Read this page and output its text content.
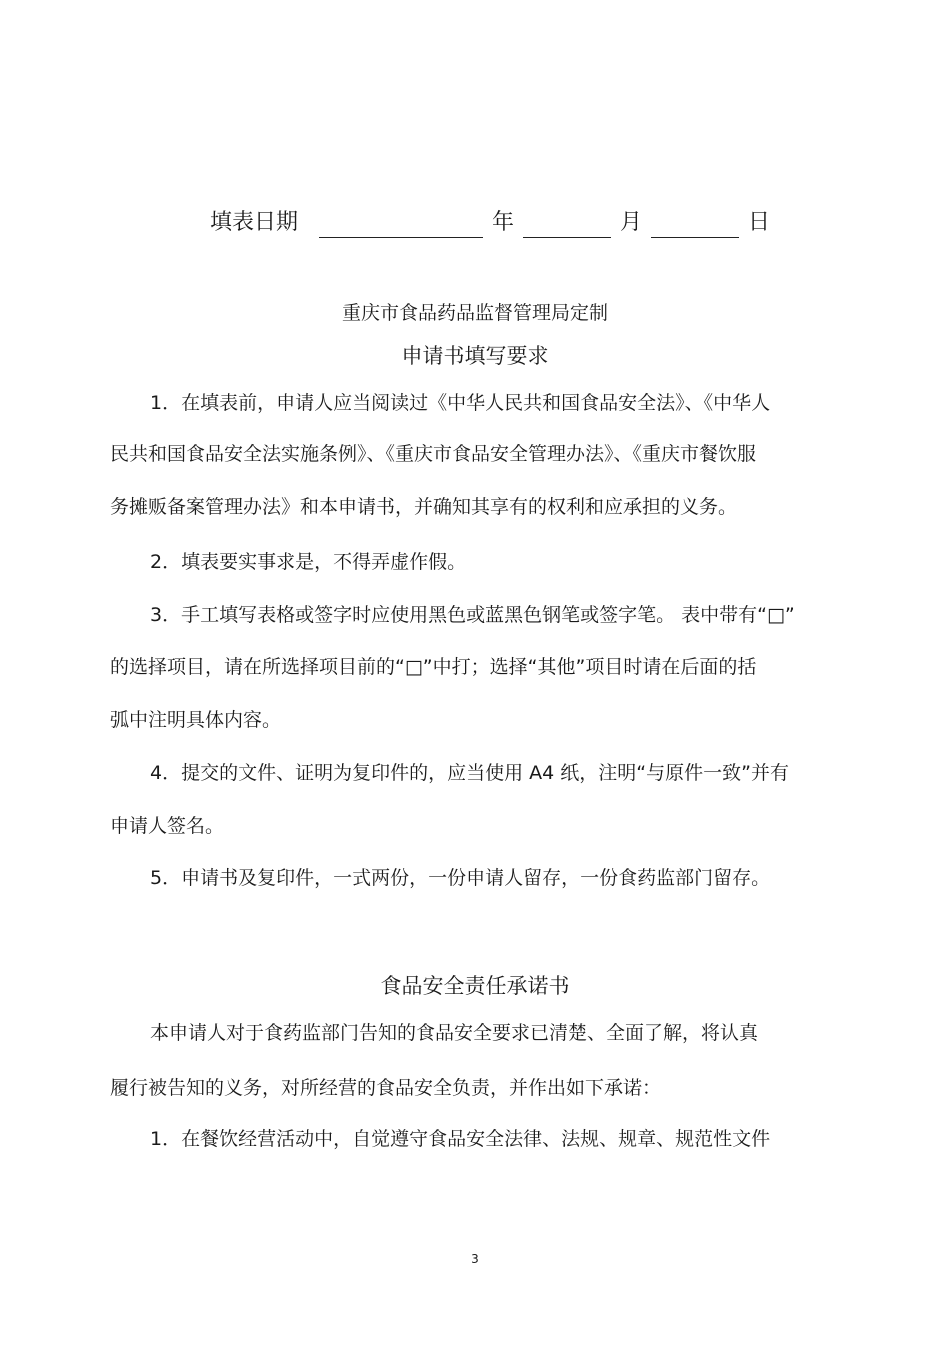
填表日期	年	月	日
重庆市食品药品监督管理局定制
申请书填写要求
1．在填表前，申请人应当阅读过《中华人民共和国食品安全法》、《中华人
民共和国食品安全法实施条例》、《重庆市食品安全管理办法》、《重庆市餐饮服
务摊贩备案管理办法》和本申请书，并确知其享有的权利和应承担的义务。
2．填表要实事求是，不得弄虚作假。
3．手工填写表格或签字时应使用黑色或蓝黑色钢笔或签字笔。 表中带有“□”
的选择项目，请在所选择项目前的“□”中打；选择“其他”项目时请在后面的括
弧中注明具体内容。
4．提交的文件、证明为复印件的，应当使用 A4 纸，注明“与原件一致”并有
申请人签名。
5．申请书及复印件，一式两份，一份申请人留存，一份食药监部门留存。
食品安全责任承诺书
本申请人对于食药监部门告知的食品安全要求已清楚、全面了解，将认真
履行被告知的义务，对所经营的食品安全负责，并作出如下承诺：
1．在餐饮经营活动中，自觉遵守食品安全法律、法规、规章、规范性文件
3
